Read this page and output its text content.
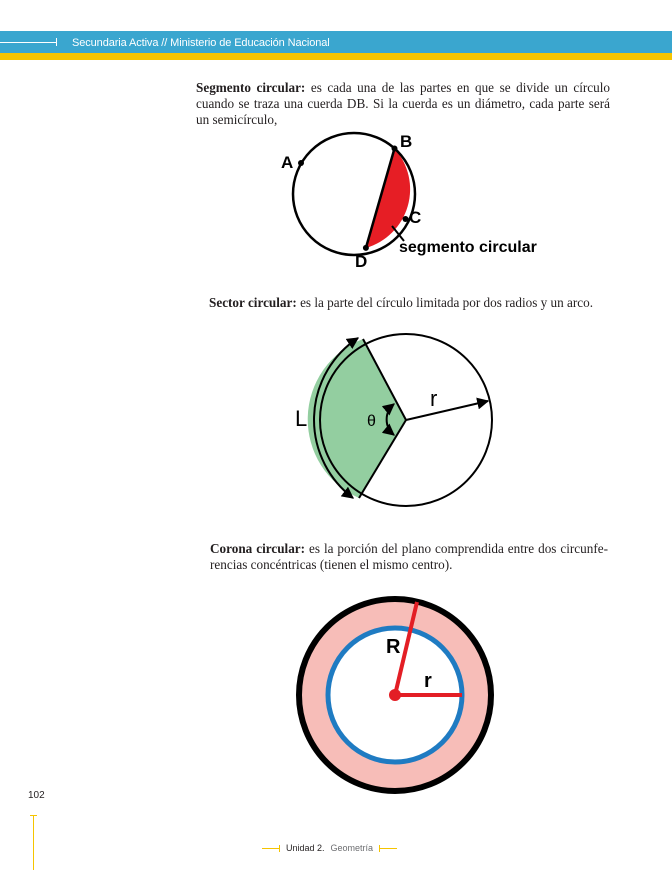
Secundaria Activa // Ministerio de Educación Nacional
Segmento circular: es cada una de las partes en que se divide un círculo cuando se traza una cuerda DB. Si la cuerda es un diámetro, cada parte será un semicírculo,
A
B
C
D
segmento circular
Sector circular: es la parte del círculo limitada por dos radios y un arco.
L	θ
r
Corona circular: es la porción del plano comprendida entre dos circunferencias concéntricas (tienen el mismo centro).
R
r
102
Unidad 2. Geometría
